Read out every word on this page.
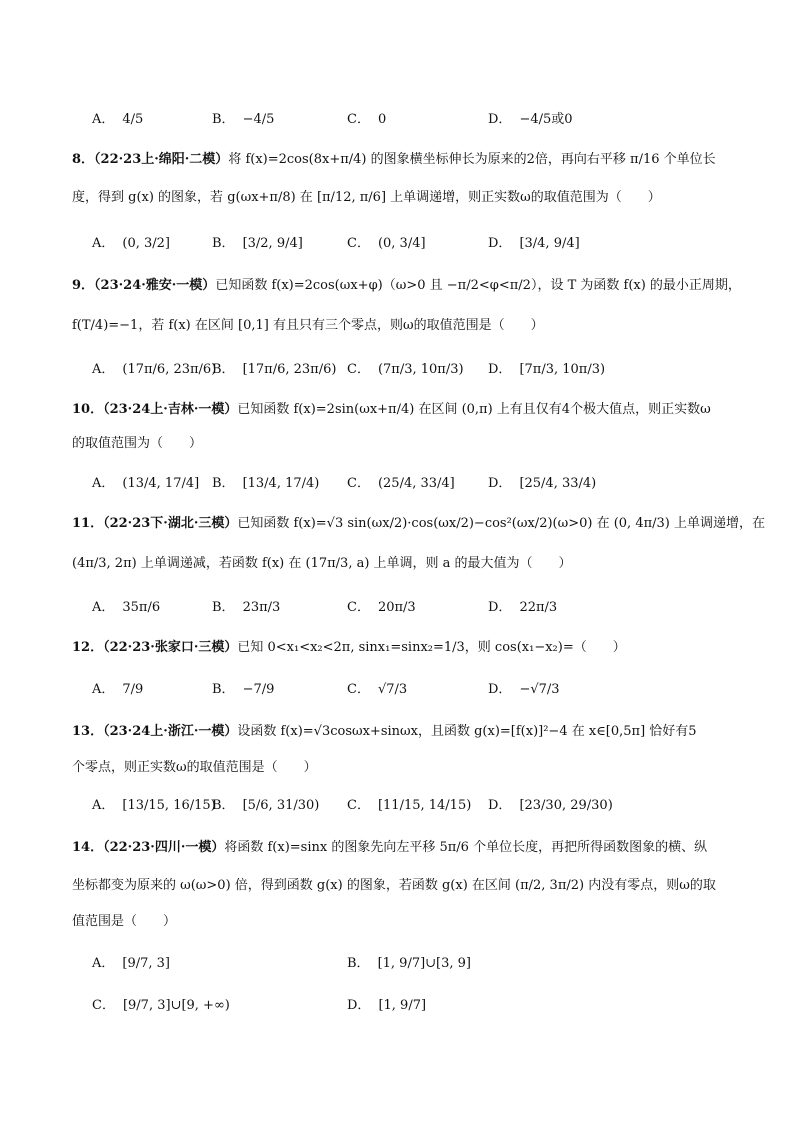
A． 4/5	B． −4/5	C． 0	D． −4/5或0
8．（22·23上·绵阳·二模）将 f(x)=2cos(8x+π/4) 的图象横坐标伸长为原来的2倍，再向右平移 π/16 个单位长
度，得到 g(x) 的图象，若 g(ωx+π/8) 在 [π/12, π/6] 上单调递增，则正实数ω的取值范围为（　　）
A． (0, 3/2]	B． [3/2, 9/4]	C． (0, 3/4]	D． [3/4, 9/4]
9．（23·24·雅安·一模）已知函数 f(x)=2cos(ωx+φ)（ω>0 且 −π/2<φ<π/2），设 T 为函数 f(x) 的最小正周期，
f(T/4)=−1，若 f(x) 在区间 [0,1] 有且只有三个零点，则ω的取值范围是（　　）
A． (17π/6, 23π/6)
B． [17π/6, 23π/6) C． (7π/3, 10π/3) D． [7π/3, 10π/3)
10．（23·24上·吉林·一模）已知函数 f(x)=2sin(ωx+π/4) 在区间 (0,π) 上有且仅有4个极大值点，则正实数ω
的取值范围为（　　）
A． (13/4, 17/4] B． [13/4, 17/4) C． (25/4, 33/4]	D． [25/4, 33/4)
11．（22·23下·湖北·三模）已知函数 f(x)=√3 sin(ωx/2)·cos(ωx/2)−cos²(ωx/2)(ω>0) 在 (0, 4π/3) 上单调递增，在
(4π/3, 2π) 上单调递减，若函数 f(x) 在 (17π/3, a) 上单调，则 a 的最大值为（　　）
A． 35π/6	B． 23π/3	C． 20π/3	D． 22π/3
12．（22·23·张家口·三模）已知 0<x₁<x₂<2π, sinx₁=sinx₂=1/3，则 cos(x₁−x₂)=（　　）
A． 7/9	B． −7/9	C． √7/3	D． −√7/3
13．（23·24上·浙江·一模）设函数 f(x)=√3cosωx+sinωx，且函数 g(x)=[f(x)]²−4 在 x∈[0,5π] 恰好有5
个零点，则正实数ω的取值范围是（　　）
A． [13/15, 16/15)
B． [5/6, 31/30) C． [11/15, 14/15) D． [23/30, 29/30)
14．（22·23·四川·一模）将函数 f(x)=sinx 的图象先向左平移 5π/6 个单位长度，再把所得函数图象的横、纵
坐标都变为原来的 ω(ω>0) 倍，得到函数 g(x) 的图象，若函数 g(x) 在区间 (π/2, 3π/2) 内没有零点，则ω的取
值范围是（　　）
A． [9/7, 3]	B． [1, 9/7]∪[3, 9]
C． [9/7, 3]∪[9, +∞)	D． [1, 9/7]
